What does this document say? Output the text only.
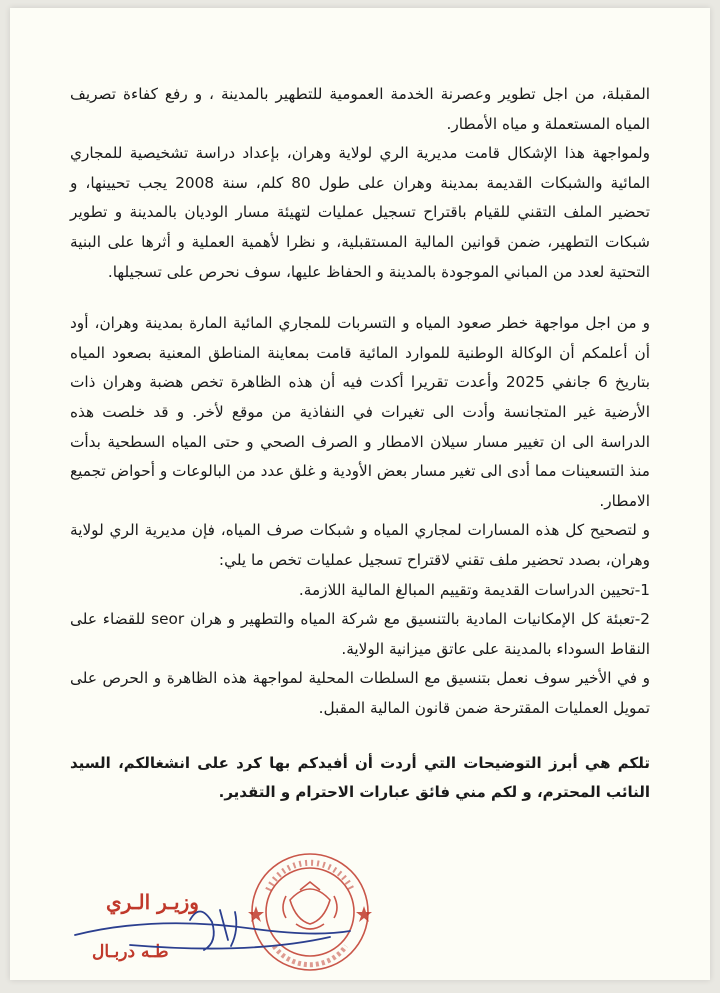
المقبلة، من اجل تطوير وعصرنة الخدمة العمومية للتطهير بالمدينة ، و رفع كفاءة تصريف المياه المستعملة و مياه الأمطار.

ولمواجهة هذا الإشكال قامت مديرية الري لولاية وهران، بإعداد دراسة تشخيصية للمجاري المائية والشبكات القديمة بمدينة وهران على طول 80 كلم، سنة 2008 يجب تحيينها، و تحضير الملف التقني للقيام باقتراح تسجيل عمليات لتهيئة مسار الوديان بالمدينة و تطوير شبكات التطهير، ضمن قوانين المالية المستقبلية، و نظرا لأهمية العملية و أثرها على البنية التحتية لعدد من المباني الموجودة بالمدينة و الحفاظ عليها، سوف نحرص على تسجيلها.

و من اجل مواجهة خطر صعود المياه و التسربات للمجاري المائية المارة بمدينة وهران، أود أن أعلمكم أن الوكالة الوطنية للموارد المائية قامت بمعاينة المناطق المعنية بصعود المياه بتاريخ 6 جانفي 2025 وأعدت تقريرا أكدت فيه أن هذه الظاهرة تخص هضبة وهران ذات الأرضية غير المتجانسة وأدت الى تغيرات في النفاذية من موقع لأخر. و قد خلصت هذه الدراسة الى ان تغيير مسار سيلان الامطار و الصرف الصحي و حتى المياه السطحية بدأت منذ التسعينات مما أدى الى تغير مسار بعض الأودية و غلق عدد من البالوعات و أحواض تجميع الامطار.

و لتصحيح كل هذه المسارات لمجاري المياه و شبكات صرف المياه، فإن مديرية الري لولاية وهران، بصدد تحضير ملف تقني لاقتراح تسجيل عمليات تخص ما يلي:

1-تحيين الدراسات القديمة وتقييم المبالغ المالية اللازمة.

2-تعبئة كل الإمكانيات المادية بالتنسيق مع شركة المياه والتطهير و هران seor للقضاء على النقاط السوداء بالمدينة على عاتق ميزانية الولاية.

و في الأخير سوف نعمل بتنسيق مع السلطات المحلية لمواجهة هذه الظاهرة و الحرص على تمويل العمليات المقترحة ضمن قانون المالية المقبل.

تلكم هي أبرز التوضيحات التي أردت أن أفيدكم بها كرد على انشغالكم، السيد النائب المحترم، و لكم مني فائق عبارات الاحترام و التقدير.

وزيـر الـري
طـه دربـال
